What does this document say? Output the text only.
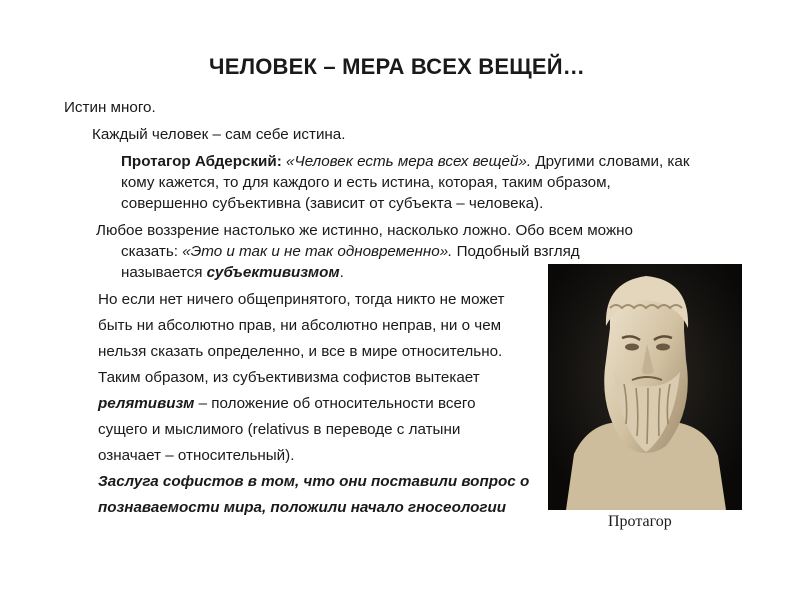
ЧЕЛОВЕК – МЕРА ВСЕХ ВЕЩЕЙ…
Истин много.
Каждый человек – сам себе истина.
Протагор Абдерский: «Человек есть мера всех вещей». Другими словами, как
кому кажется, то для каждого и есть истина, которая, таким образом,
совершенно субъективна (зависит от субъекта – человека).
Любое воззрение настолько же истинно, насколько ложно. Обо всем можно
сказать: «Это и так и не так одновременно». Подобный взгляд
называется субъективизмом.
Но если нет ничего общепринятого, тогда никто не может
быть ни абсолютно прав, ни абсолютно неправ, ни о чем
нельзя сказать определенно, и все в мире относительно.
Таким образом, из субъективизма софистов вытекает
релятивизм – положение об относительности всего
сущего и мыслимого (relativus в переводе с латыни
означает – относительный).
Заслуга софистов в том, что они поставили вопрос о
познаваемости мира, положили начало гносеологии
Протагор
